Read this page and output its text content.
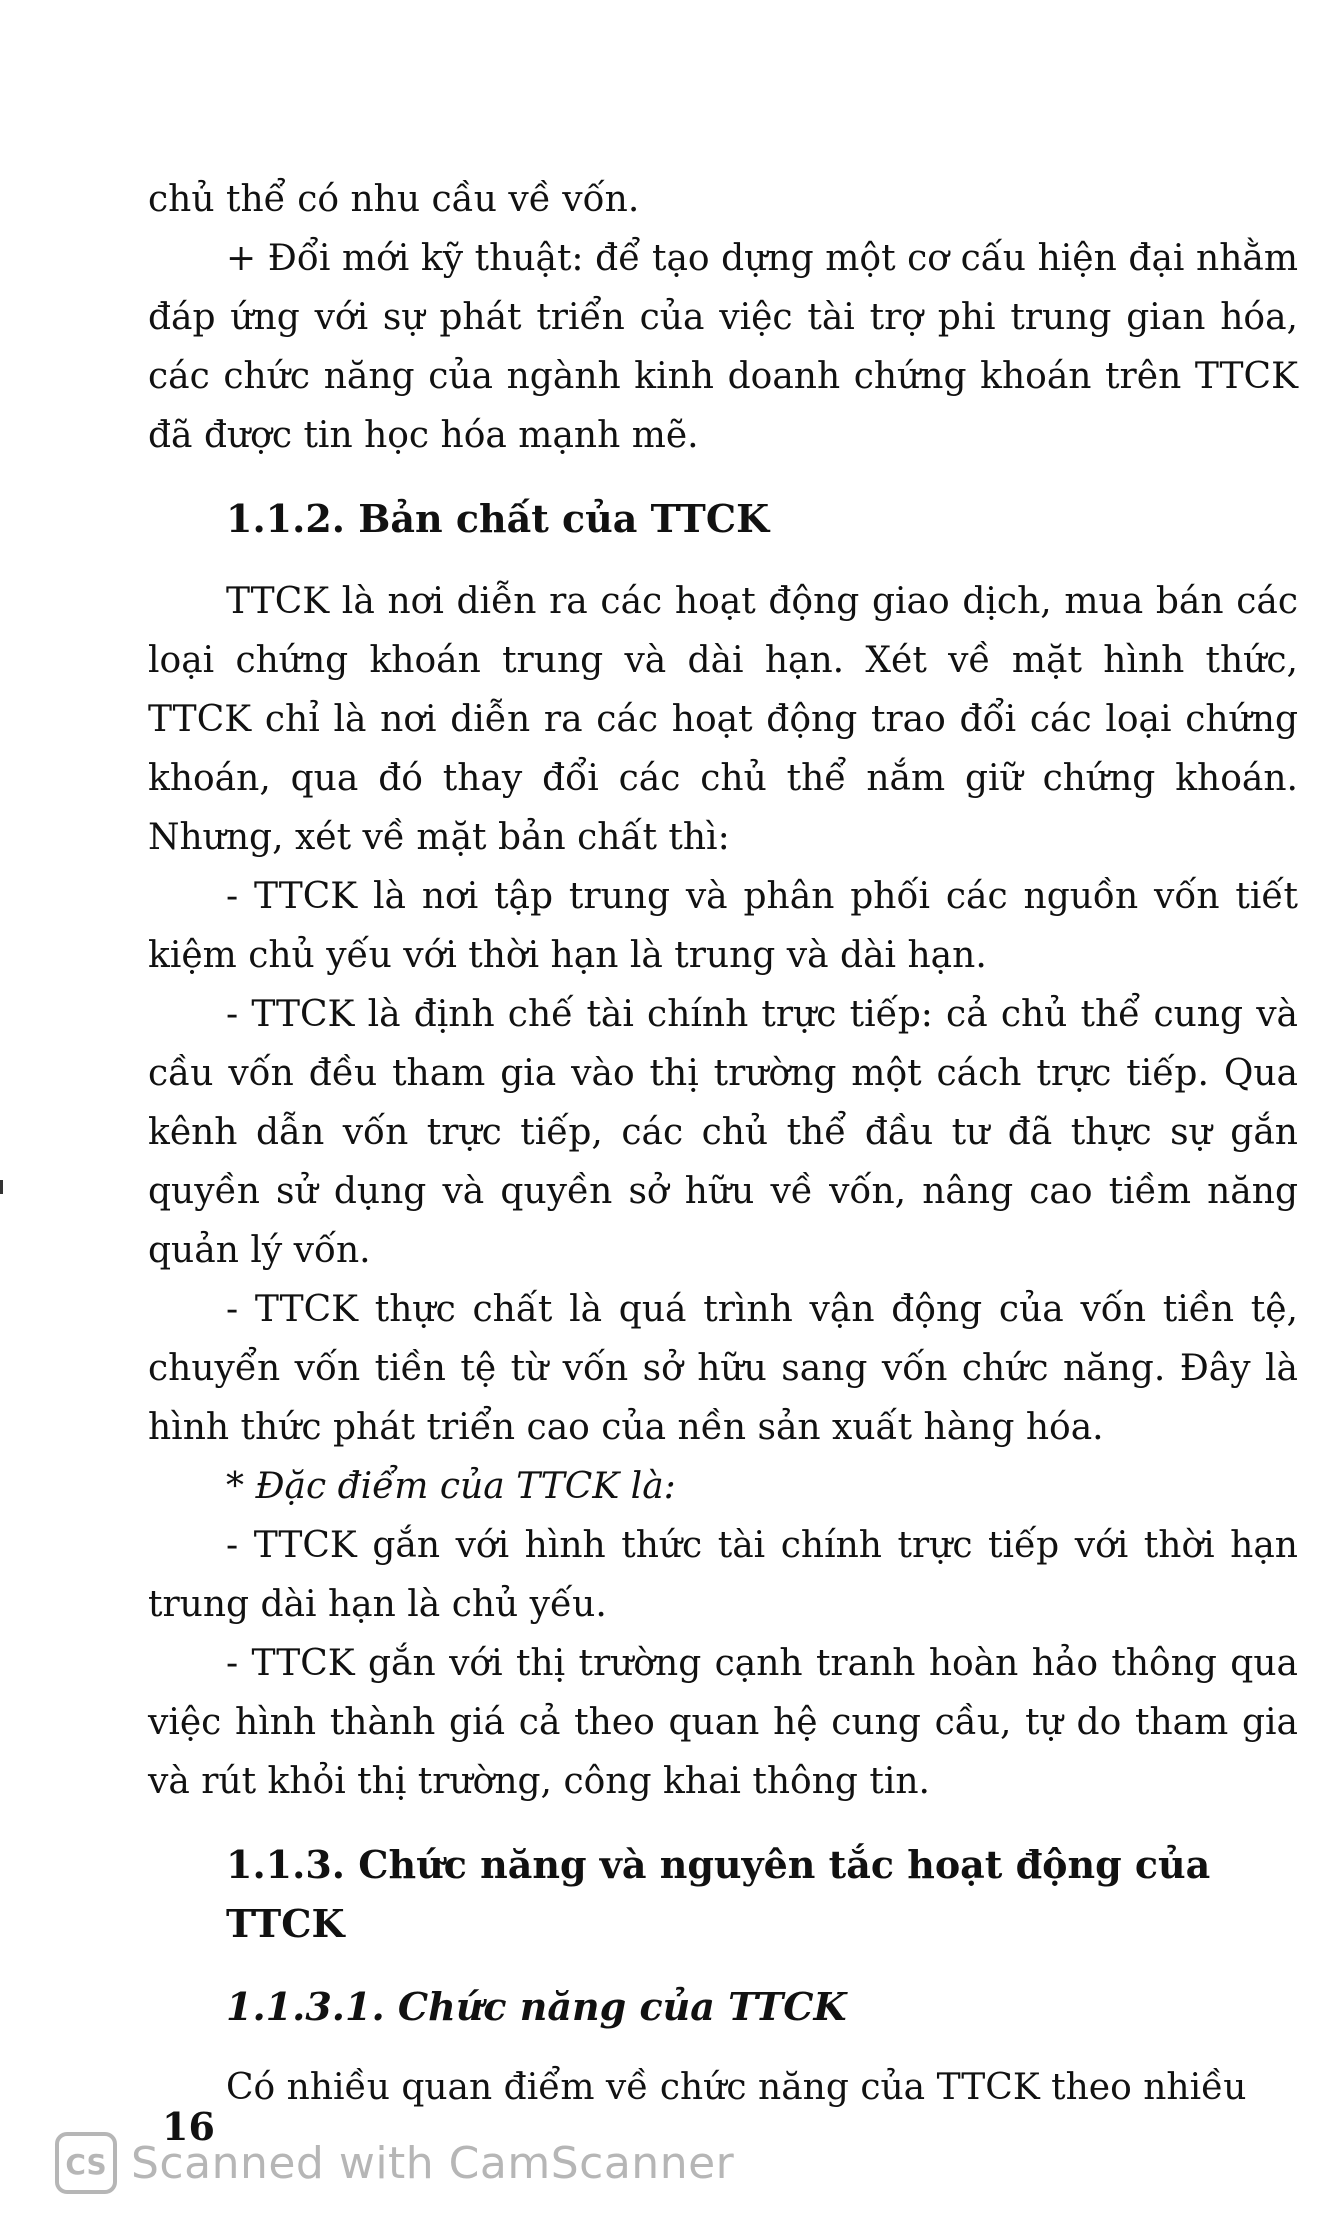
chủ thể có nhu cầu về vốn.

+ Đổi mới kỹ thuật: để tạo dựng một cơ cấu hiện đại nhằm đáp ứng với sự phát triển của việc tài trợ phi trung gian hóa, các chức năng của ngành kinh doanh chứng khoán trên TTCK đã được tin học hóa mạnh mẽ.

1.1.2. Bản chất của TTCK

TTCK là nơi diễn ra các hoạt động giao dịch, mua bán các loại chứng khoán trung và dài hạn. Xét về mặt hình thức, TTCK chỉ là nơi diễn ra các hoạt động trao đổi các loại chứng khoán, qua đó thay đổi các chủ thể nắm giữ chứng khoán. Nhưng, xét về mặt bản chất thì:

- TTCK là nơi tập trung và phân phối các nguồn vốn tiết kiệm chủ yếu với thời hạn là trung và dài hạn.

- TTCK là định chế tài chính trực tiếp: cả chủ thể cung và cầu vốn đều tham gia vào thị trường một cách trực tiếp. Qua kênh dẫn vốn trực tiếp, các chủ thể đầu tư đã thực sự gắn quyền sử dụng và quyền sở hữu về vốn, nâng cao tiềm năng quản lý vốn.

- TTCK thực chất là quá trình vận động của vốn tiền tệ, chuyển vốn tiền tệ từ vốn sở hữu sang vốn chức năng. Đây là hình thức phát triển cao của nền sản xuất hàng hóa.

* Đặc điểm của TTCK là:

- TTCK gắn với hình thức tài chính trực tiếp với thời hạn trung dài hạn là chủ yếu.

- TTCK gắn với thị trường cạnh tranh hoàn hảo thông qua việc hình thành giá cả theo quan hệ cung cầu, tự do tham gia và rút khỏi thị trường, công khai thông tin.

1.1.3. Chức năng và nguyên tắc hoạt động của TTCK
1.1.3.1. Chức năng của TTCK

Có nhiều quan điểm về chức năng của TTCK theo nhiều

16
CS Scanned with CamScanner
